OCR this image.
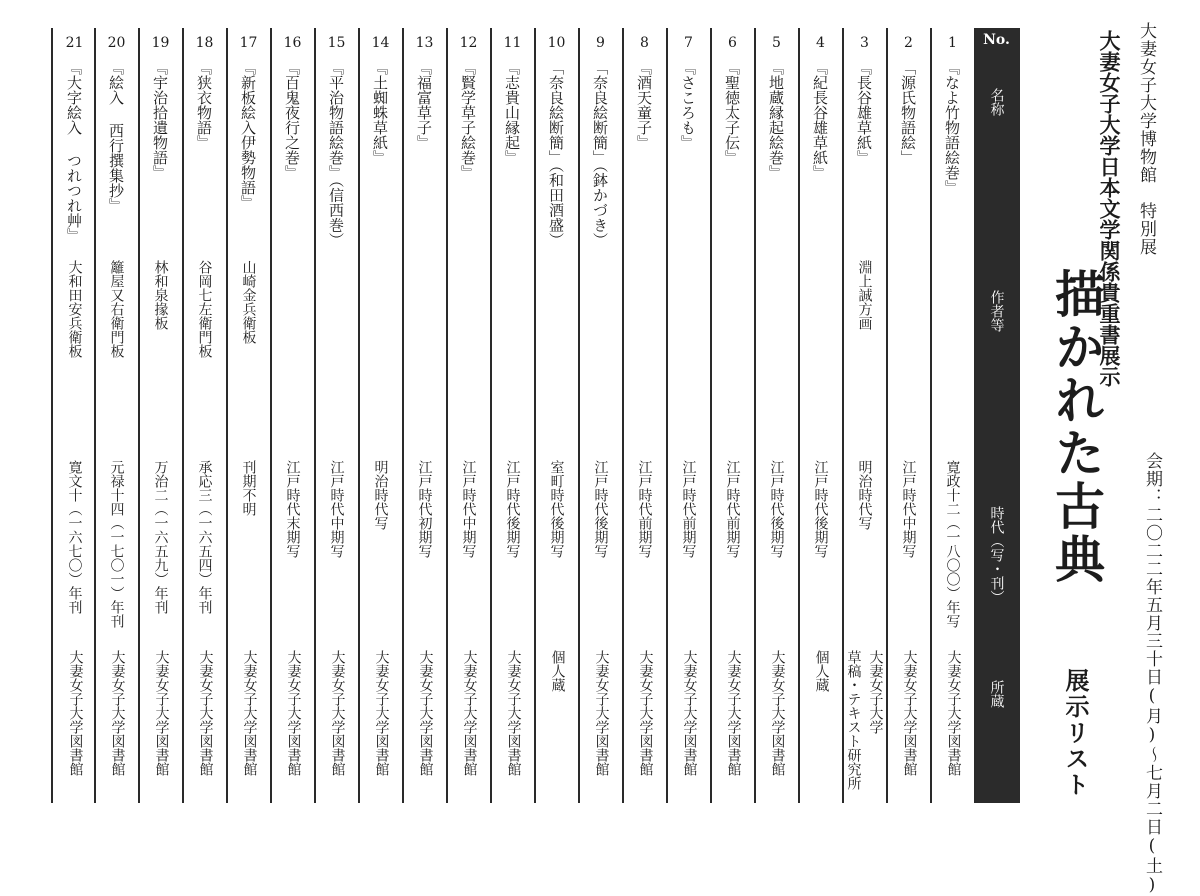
大妻女子大学博物館　特別展
大妻女子大学日本文学関係貴重書展示
描かれた古典
会期：二〇二二年五月三十日(月)～七月二日(土)
展示リスト
No.
名称
作者等
時代（写・刊）
所蔵
1
『なよ竹物語絵巻』
寛政十二（一八〇〇）年写
大妻女子大学図書館
2
「源氏物語絵」
江戸時代中期写
大妻女子大学図書館
3
『長谷雄草紙』
淵上誠方画
明治時代写
大妻女子大学
草稿・テキスト研究所
4
『紀長谷雄草紙』
江戸時代後期写
個人蔵
5
『地蔵縁起絵巻』
江戸時代後期写
大妻女子大学図書館
6
『聖徳太子伝』
江戸時代前期写
大妻女子大学図書館
7
『さころも』
江戸時代前期写
大妻女子大学図書館
8
『酒天童子』
江戸時代前期写
大妻女子大学図書館
9
「奈良絵断簡」（鉢かづき）
江戸時代後期写
大妻女子大学図書館
10
「奈良絵断簡」（和田酒盛）
室町時代後期写
個人蔵
11
『志貴山縁起』
江戸時代後期写
大妻女子大学図書館
12
『賢学草子絵巻』
江戸時代中期写
大妻女子大学図書館
13
『福富草子』
江戸時代初期写
大妻女子大学図書館
14
『土蜘蛛草紙』
明治時代写
大妻女子大学図書館
15
『平治物語絵巻』（信西巻）
江戸時代中期写
大妻女子大学図書館
16
『百鬼夜行之巻』
江戸時代末期写
大妻女子大学図書館
17
『新板絵入伊勢物語』
山崎金兵衛板
刊期不明
大妻女子大学図書館
18
『狭衣物語』
谷岡七左衛門板
承応三（一六五四）年刊
大妻女子大学図書館
19
『宇治拾遺物語』
林和泉掾板
万治二（一六五九）年刊
大妻女子大学図書館
20
『絵入 西行撰集抄』
籬屋又右衛門板
元禄十四（一七〇一）年刊
大妻女子大学図書館
21
『大字絵入 つれつれ艸』
大和田安兵衛板
寛文十（一六七〇）年刊
大妻女子大学図書館
